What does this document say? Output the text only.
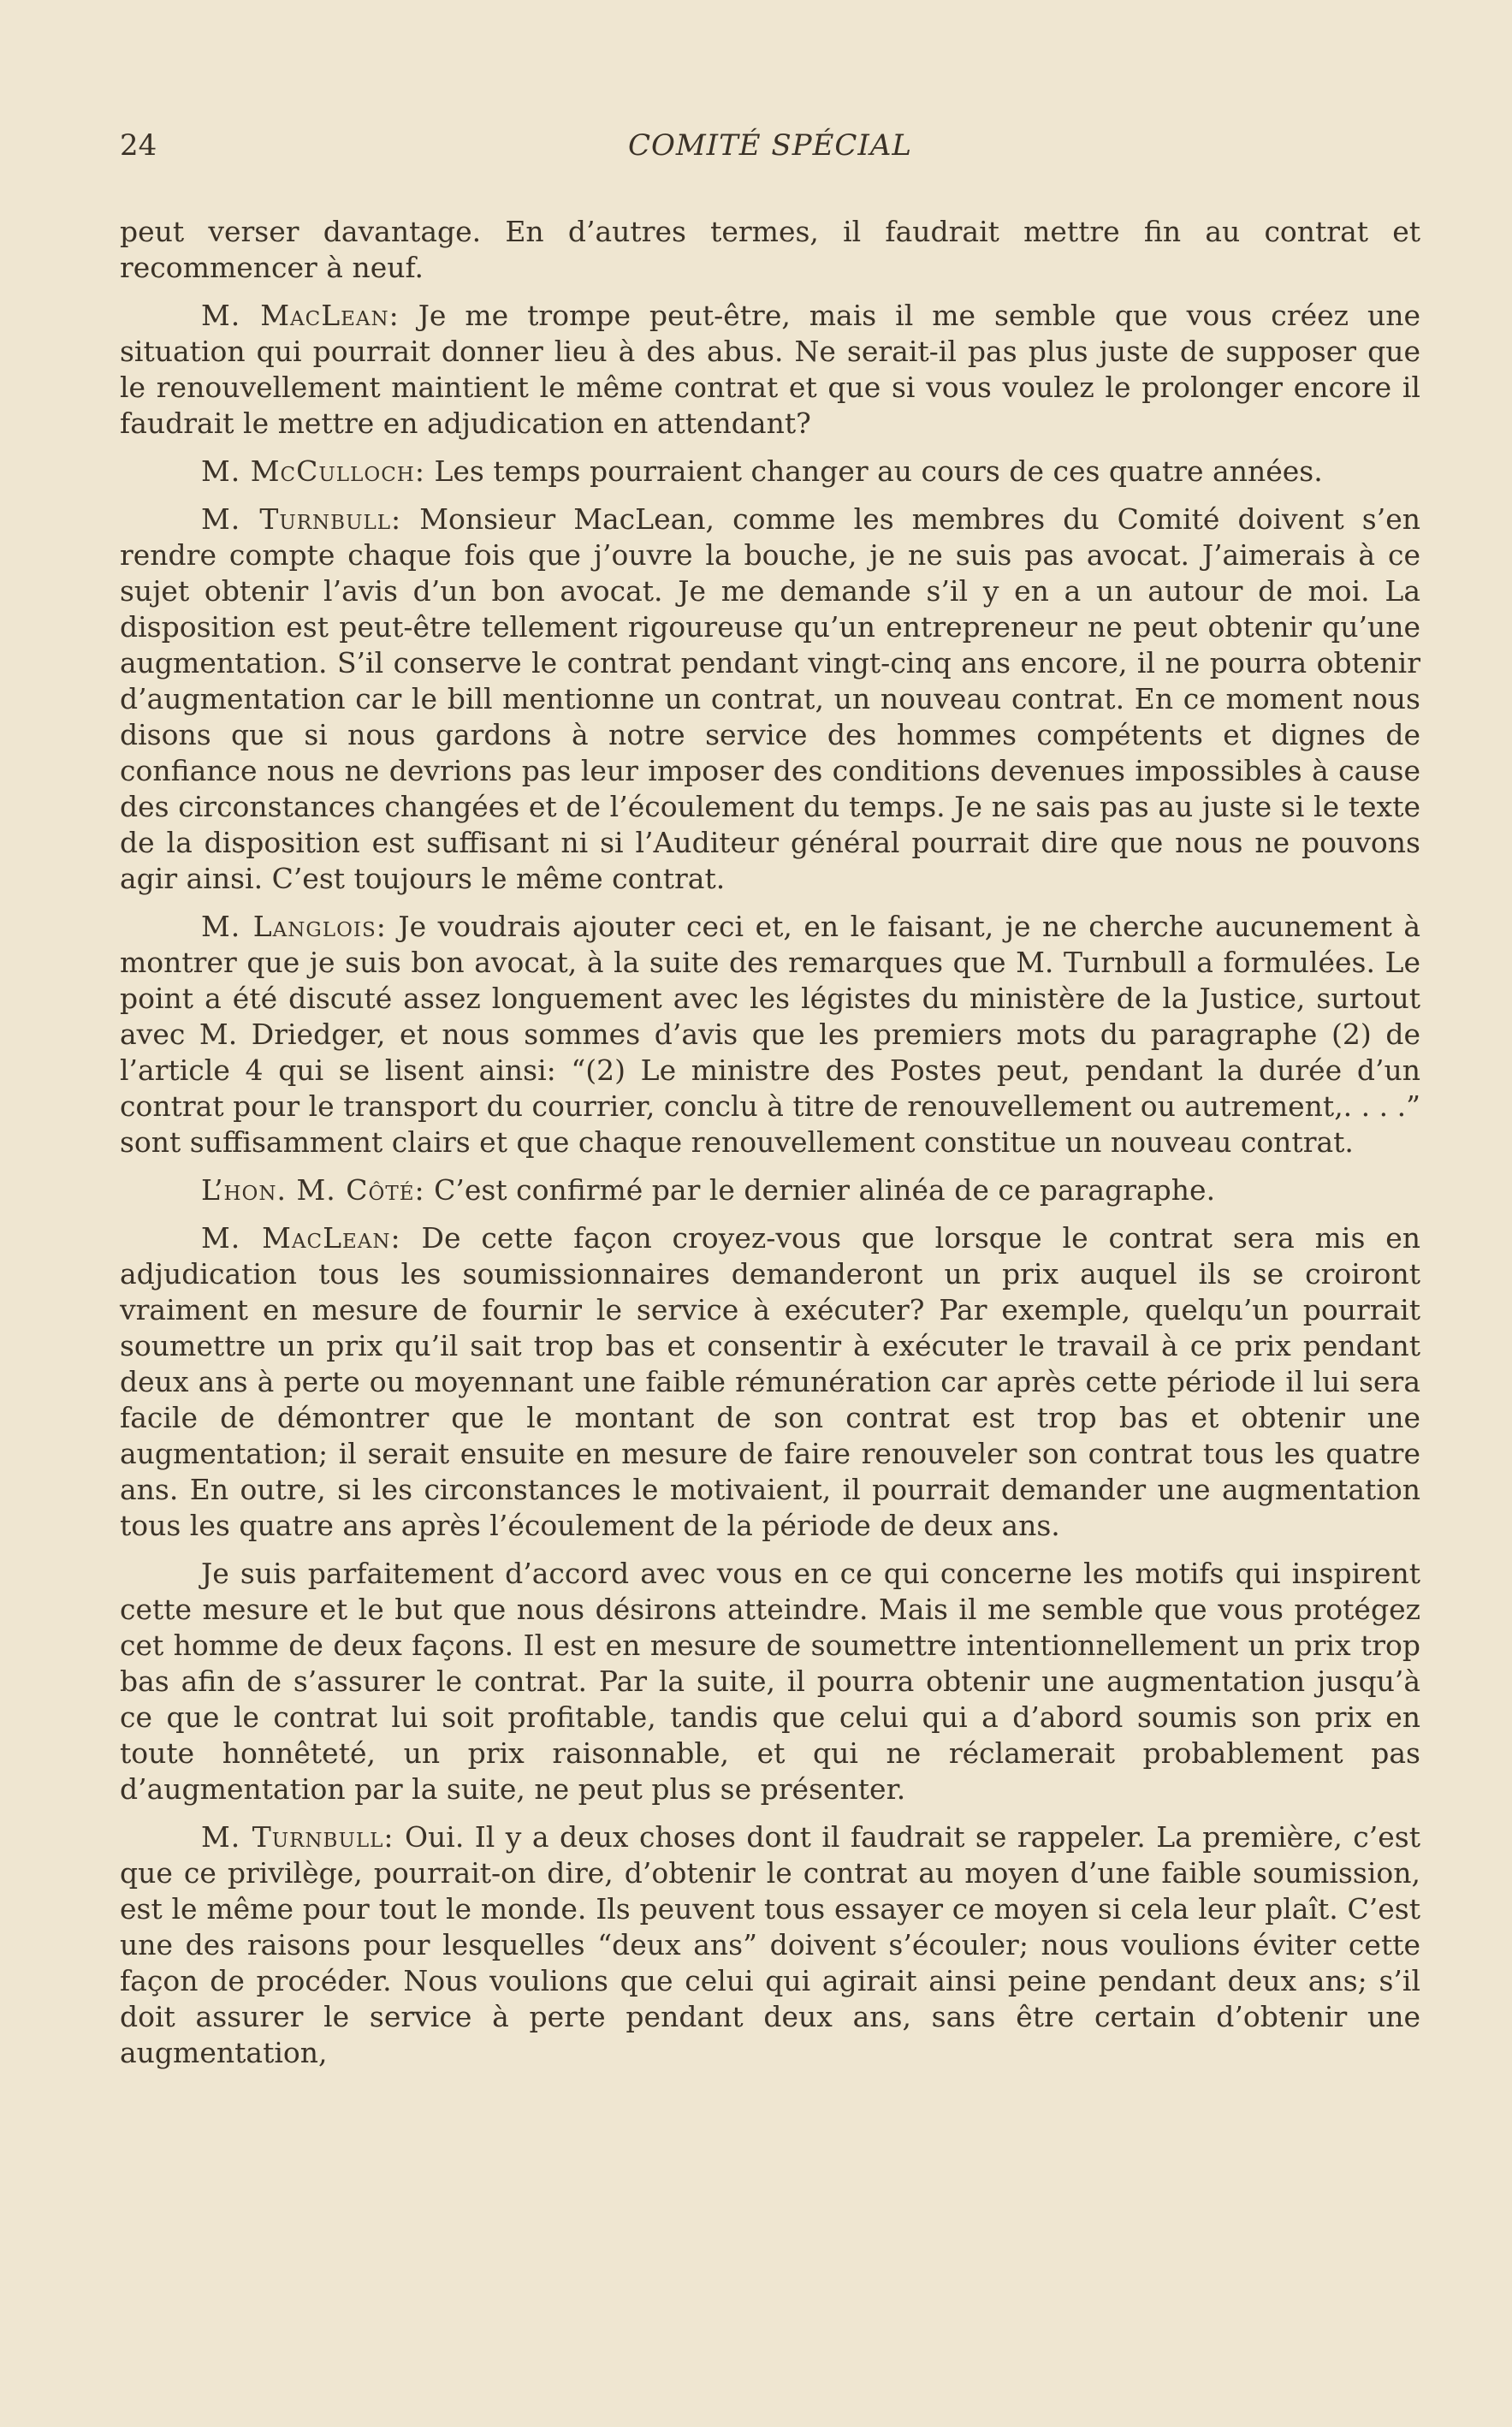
24	COMITÉ SPÉCIAL

peut verser davantage. En d’autres termes, il faudrait mettre fin au contrat et recommencer à neuf.

M. MacLean: Je me trompe peut-être, mais il me semble que vous créez une situation qui pourrait donner lieu à des abus. Ne serait-il pas plus juste de supposer que le renouvellement maintient le même contrat et que si vous voulez le prolonger encore il faudrait le mettre en adjudication en attendant?

M. McCulloch: Les temps pourraient changer au cours de ces quatre années.

M. Turnbull: Monsieur MacLean, comme les membres du Comité doivent s’en rendre compte chaque fois que j’ouvre la bouche, je ne suis pas avocat. J’aimerais à ce sujet obtenir l’avis d’un bon avocat. Je me demande s’il y en a un autour de moi. La disposition est peut-être tellement rigoureuse qu’un entrepreneur ne peut obtenir qu’une augmentation. S’il conserve le contrat pendant vingt-cinq ans encore, il ne pourra obtenir d’augmentation car le bill mentionne un contrat, un nouveau contrat. En ce moment nous disons que si nous gardons à notre service des hommes compétents et dignes de confiance nous ne devrions pas leur imposer des conditions devenues impossibles à cause des circonstances changées et de l’écoulement du temps. Je ne sais pas au juste si le texte de la disposition est suffisant ni si l’Auditeur général pourrait dire que nous ne pouvons agir ainsi. C’est toujours le même contrat.

M. Langlois: Je voudrais ajouter ceci et, en le faisant, je ne cherche aucunement à montrer que je suis bon avocat, à la suite des remarques que M. Turnbull a formulées. Le point a été discuté assez longuement avec les légistes du ministère de la Justice, surtout avec M. Driedger, et nous sommes d’avis que les premiers mots du paragraphe (2) de l’article 4 qui se lisent ainsi: “(2) Le ministre des Postes peut, pendant la durée d’un contrat pour le transport du courrier, conclu à titre de renouvellement ou autrement,. . . .” sont suffisamment clairs et que chaque renouvellement constitue un nouveau contrat.

L’hon. M. Côté: C’est confirmé par le dernier alinéa de ce paragraphe.

M. MacLean: De cette façon croyez-vous que lorsque le contrat sera mis en adjudication tous les soumissionnaires demanderont un prix auquel ils se croiront vraiment en mesure de fournir le service à exécuter? Par exemple, quelqu’un pourrait soumettre un prix qu’il sait trop bas et consentir à exécuter le travail à ce prix pendant deux ans à perte ou moyennant une faible rémunération car après cette période il lui sera facile de démontrer que le montant de son contrat est trop bas et obtenir une augmentation; il serait ensuite en mesure de faire renouveler son contrat tous les quatre ans. En outre, si les circonstances le motivaient, il pourrait demander une augmentation tous les quatre ans après l’écoulement de la période de deux ans.

Je suis parfaitement d’accord avec vous en ce qui concerne les motifs qui inspirent cette mesure et le but que nous désirons atteindre. Mais il me semble que vous protégez cet homme de deux façons. Il est en mesure de soumettre intentionnellement un prix trop bas afin de s’assurer le contrat. Par la suite, il pourra obtenir une augmentation jusqu’à ce que le contrat lui soit profitable, tandis que celui qui a d’abord soumis son prix en toute honnêteté, un prix raisonnable, et qui ne réclamerait probablement pas d’augmentation par la suite, ne peut plus se présenter.

M. Turnbull: Oui. Il y a deux choses dont il faudrait se rappeler. La première, c’est que ce privilège, pourrait-on dire, d’obtenir le contrat au moyen d’une faible soumission, est le même pour tout le monde. Ils peuvent tous essayer ce moyen si cela leur plaît. C’est une des raisons pour lesquelles “deux ans” doivent s’écouler; nous voulions éviter cette façon de procéder. Nous voulions que celui qui agirait ainsi peine pendant deux ans; s’il doit assurer le service à perte pendant deux ans, sans être certain d’obtenir une augmentation,
